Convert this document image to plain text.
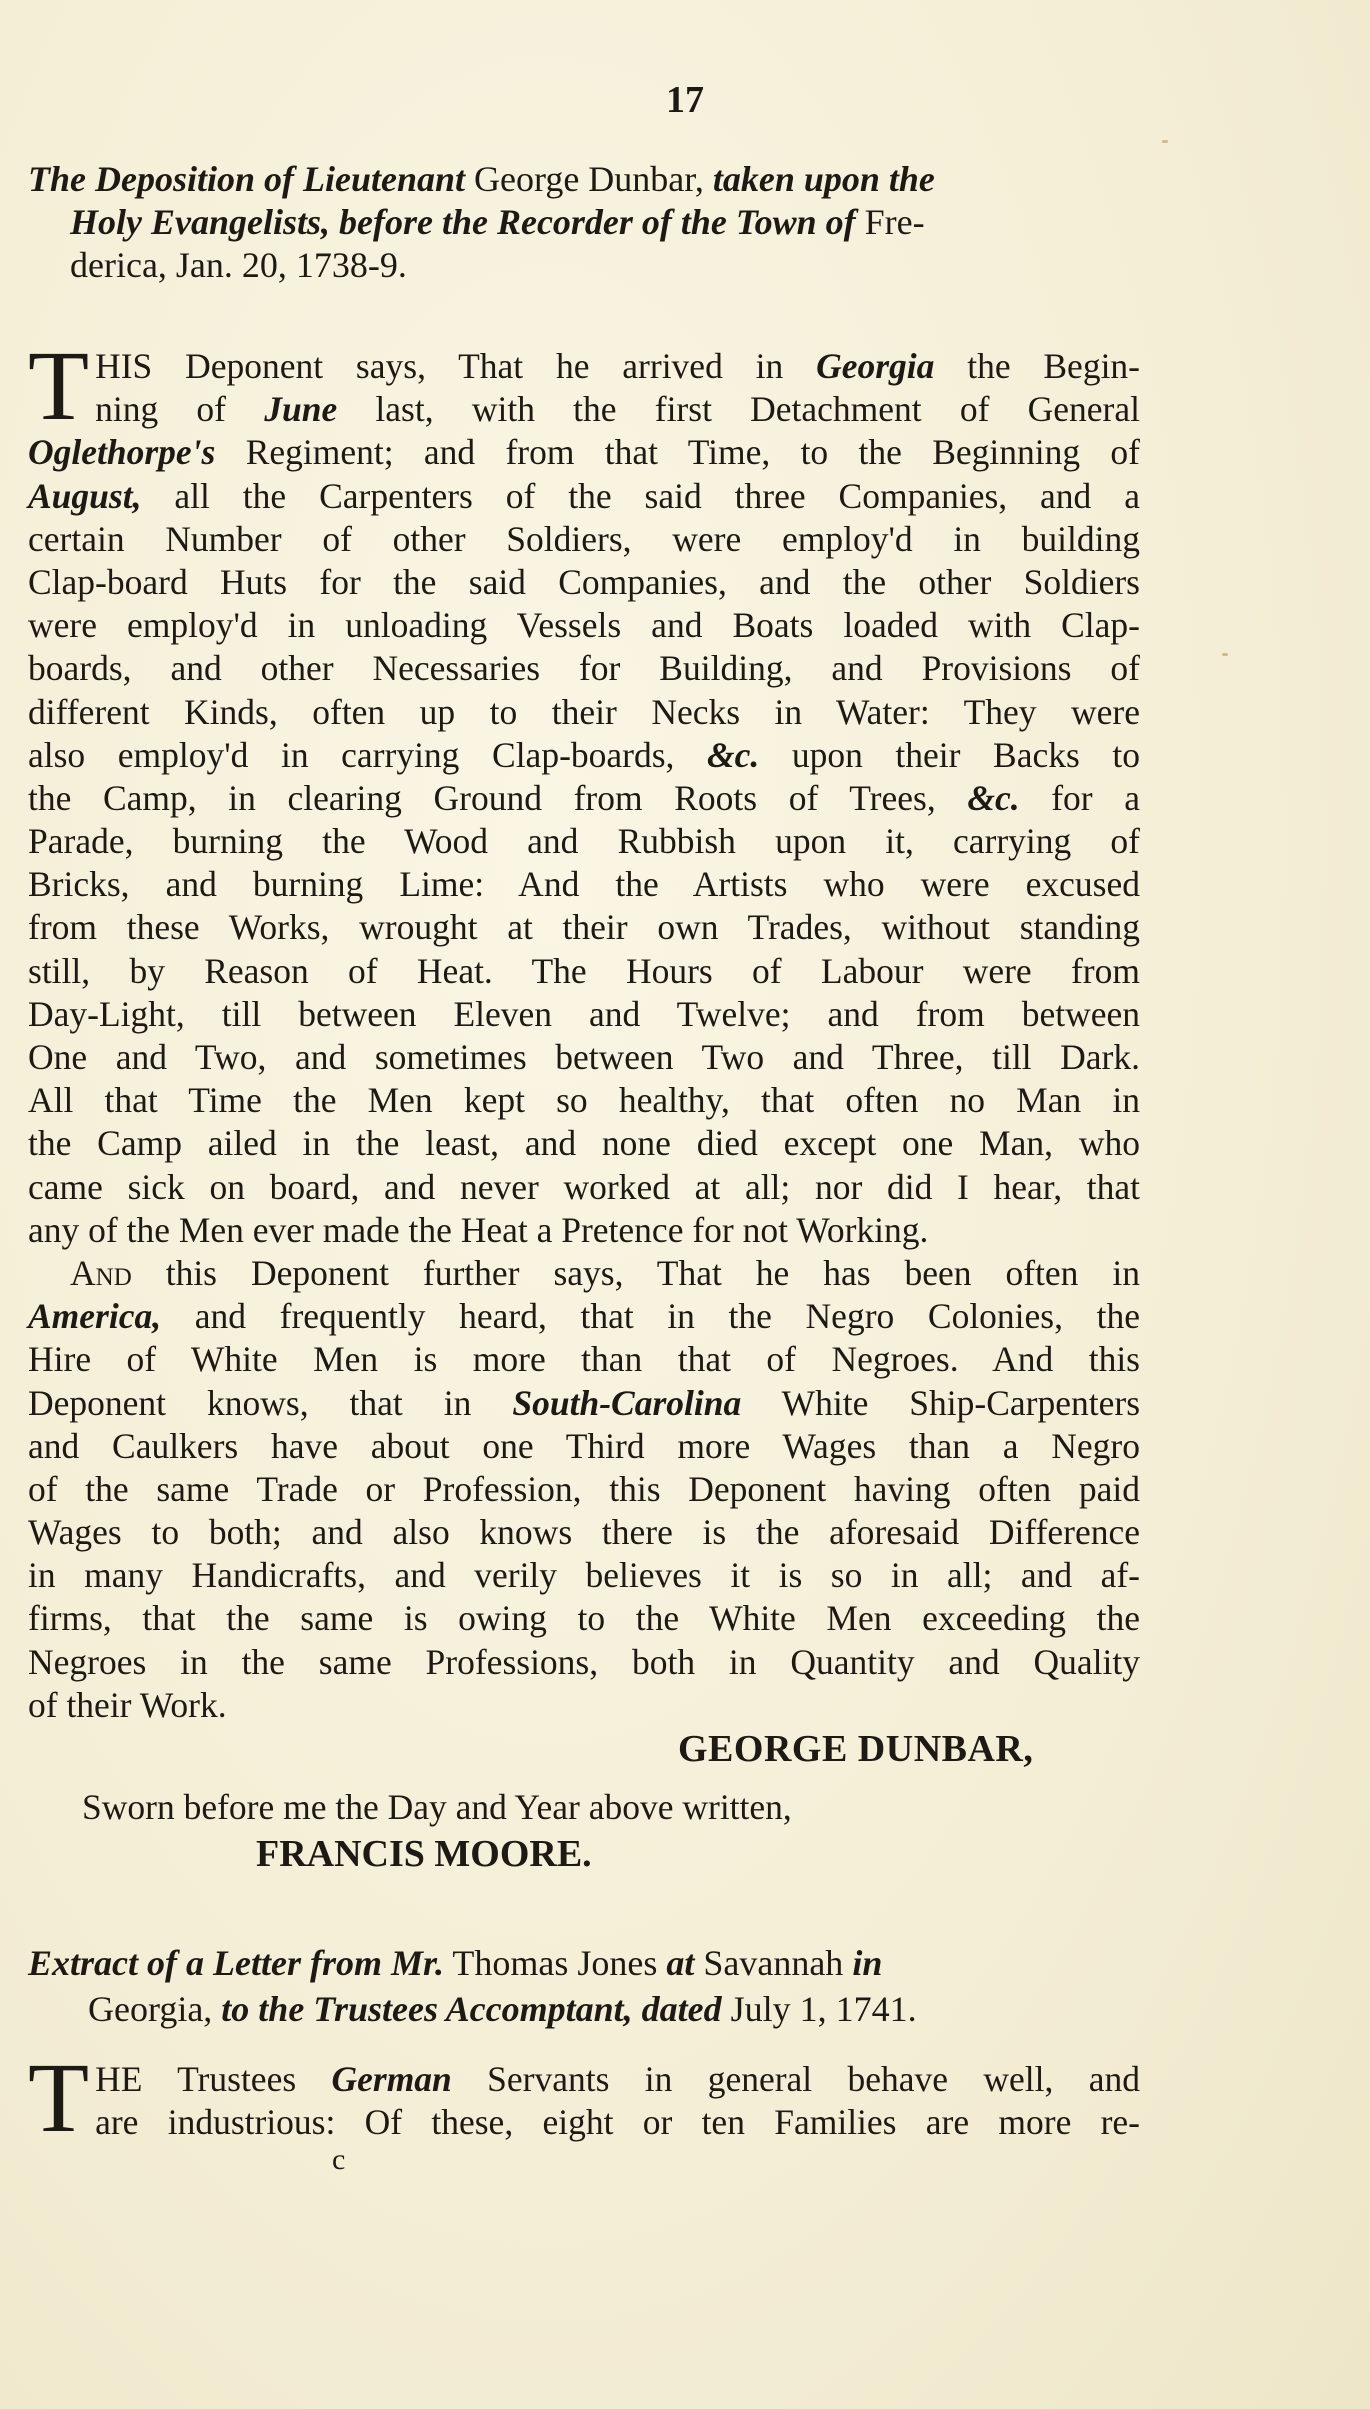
17
The Deposition of Lieutenant George Dunbar, taken upon the
Holy Evangelists, before the Recorder of the Town of Fre-
derica, Jan. 20, 1738-9.
T HIS Deponent says, That he arrived in Georgia the Begin-
ning of June last, with the first Detachment of General
Oglethorpe's Regiment; and from that Time, to the Beginning of
August, all the Carpenters of the said three Companies, and a
certain Number of other Soldiers, were employ'd in building
Clap-board Huts for the said Companies, and the other Soldiers
were employ'd in unloading Vessels and Boats loaded with Clap-
boards, and other Necessaries for Building, and Provisions of
different Kinds, often up to their Necks in Water: They were
also employ'd in carrying Clap-boards, &c. upon their Backs to
the Camp, in clearing Ground from Roots of Trees, &c. for a
Parade, burning the Wood and Rubbish upon it, carrying of
Bricks, and burning Lime: And the Artists who were excused
from these Works, wrought at their own Trades, without standing
still, by Reason of Heat. The Hours of Labour were from
Day-Light, till between Eleven and Twelve; and from between
One and Two, and sometimes between Two and Three, till Dark.
All that Time the Men kept so healthy, that often no Man in
the Camp ailed in the least, and none died except one Man, who
came sick on board, and never worked at all; nor did I hear, that
any of the Men ever made the Heat a Pretence for not Working.
And this Deponent further says, That he has been often in
America, and frequently heard, that in the Negro Colonies, the
Hire of White Men is more than that of Negroes. And this
Deponent knows, that in South-Carolina White Ship-Carpenters
and Caulkers have about one Third more Wages than a Negro
of the same Trade or Profession, this Deponent having often paid
Wages to both; and also knows there is the aforesaid Difference
in many Handicrafts, and verily believes it is so in all; and af-
firms, that the same is owing to the White Men exceeding the
Negroes in the same Professions, both in Quantity and Quality
of their Work.
GEORGE DUNBAR,
Sworn before me the Day and Year above written,
FRANCIS MOORE.
Extract of a Letter from Mr. Thomas Jones at Savannah in
Georgia, to the Trustees Accomptant, dated July 1, 1741.
T HE Trustees German Servants in general behave well, and
are industrious: Of these, eight or ten Families are more re-
c
